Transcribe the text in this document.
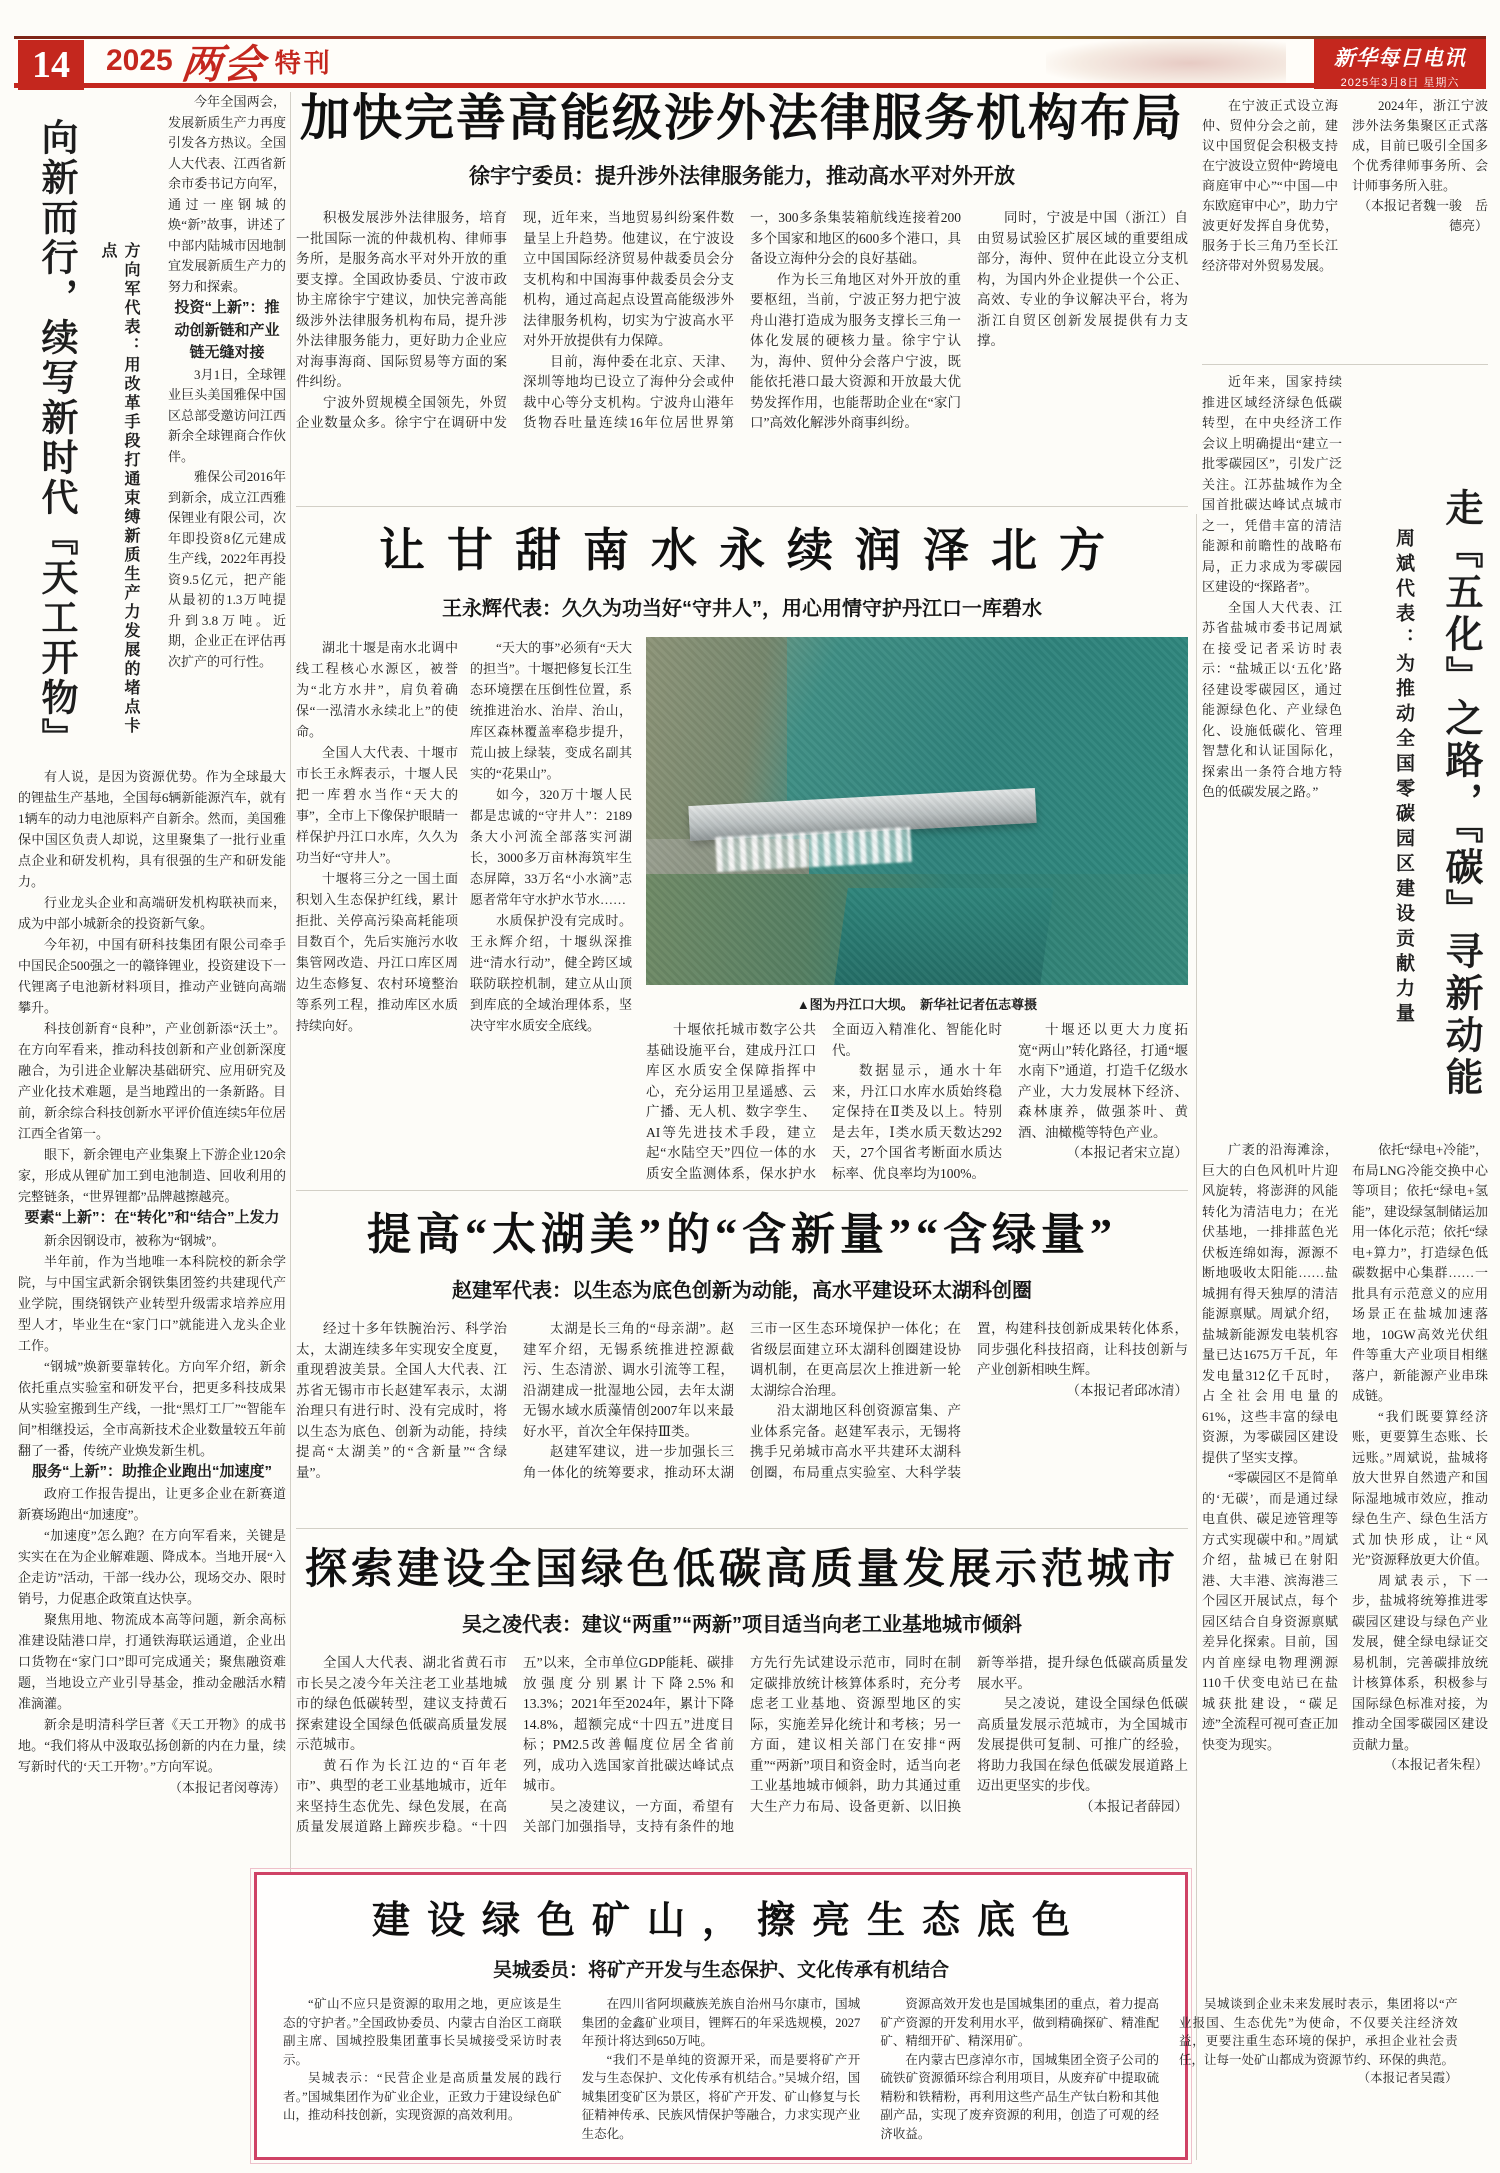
14	2025 两会 特刊	新华每日电讯
2025年3月8日 星期六
向新而行，续写新时代『天工开物』	方向军代表：用改革手段打通束缚新质生产力发展的堵点卡点

今年全国两会，发展新质生产力再度引发各方热议。全国人大代表、江西省新余市委书记方向军，通过一座钢城的焕“新”故事，讲述了中部内陆城市因地制宜发展新质生产力的努力和探索。

投资“上新”：推动创新链和产业链无缝对接

3月1日，全球锂业巨头美国雅保中国区总部受邀访问江西新余全球锂商合作伙伴。

雅保公司2016年到新余，成立江西雅保锂业有限公司，次年即投资8亿元建成生产线，2022年再投资9.5亿元，把产能从最初的1.3万吨提升到3.8万吨。近期，企业正在评估再次扩产的可行性。

有人说，是因为资源优势。作为全球最大的锂盐生产基地，全国每6辆新能源汽车，就有1辆车的动力电池原料产自新余。然而，美国雅保中国区负责人却说，这里聚集了一批行业重点企业和研发机构，具有很强的生产和研发能力。

行业龙头企业和高端研发机构联袂而来，成为中部小城新余的投资新气象。

今年初，中国有研科技集团有限公司牵手中国民企500强之一的赣锋锂业，投资建设下一代锂离子电池新材料项目，推动产业链向高端攀升。

科技创新育“良种”，产业创新添“沃土”。在方向军看来，推动科技创新和产业创新深度融合，为引进企业解决基础研究、应用研究及产业化技术难题，是当地蹚出的一条新路。目前，新余综合科技创新水平评价值连续5年位居江西全省第一。

眼下，新余锂电产业集聚上下游企业120余家，形成从锂矿加工到电池制造、回收利用的完整链条，“世界锂都”品牌越擦越亮。

要素“上新”：在“转化”和“结合”上发力

新余因钢设市，被称为“钢城”。

半年前，作为当地唯一本科院校的新余学院，与中国宝武新余钢铁集团签约共建现代产业学院，围绕钢铁产业转型升级需求培养应用型人才，毕业生在“家门口”就能进入龙头企业工作。

“钢城”焕新要靠转化。方向军介绍，新余依托重点实验室和研发平台，把更多科技成果从实验室搬到生产线，一批“黑灯工厂”“智能车间”相继投运，全市高新技术企业数量较五年前翻了一番，传统产业焕发新生机。

服务“上新”：助推企业跑出“加速度”

政府工作报告提出，让更多企业在新赛道新赛场跑出“加速度”。

“加速度”怎么跑？在方向军看来，关键是实实在在为企业解难题、降成本。当地开展“入企走访”活动，干部一线办公，现场交办、限时销号，力促惠企政策直达快享。

聚焦用地、物流成本高等问题，新余高标准建设陆港口岸，打通铁海联运通道，企业出口货物在“家门口”即可完成通关；聚焦融资难题，当地设立产业引导基金，推动金融活水精准滴灌。

新余是明清科学巨著《天工开物》的成书地。“我们将从中汲取弘扬创新的内在力量，续写新时代的‘天工开物’。”方向军说。

（本报记者闵尊涛）

加快完善高能级涉外法律服务机构布局
徐宇宁委员：提升涉外法律服务能力，推动高水平对外开放

积极发展涉外法律服务，培育一批国际一流的仲裁机构、律师事务所，是服务高水平对外开放的重要支撑。全国政协委员、宁波市政协主席徐宇宁建议，加快完善高能级涉外法律服务机构布局，提升涉外法律服务能力，更好助力企业应对海事海商、国际贸易等方面的案件纠纷。

宁波外贸规模全国领先，外贸企业数量众多。徐宇宁在调研中发现，近年来，当地贸易纠纷案件数量呈上升趋势。他建议，在宁波设立中国国际经济贸易仲裁委员会分支机构和中国海事仲裁委员会分支机构，通过高起点设置高能级涉外法律服务机构，切实为宁波高水平对外开放提供有力保障。

目前，海仲委在北京、天津、深圳等地均已设立了海仲分会或仲裁中心等分支机构。宁波舟山港年货物吞吐量连续16年位居世界第一，300多条集装箱航线连接着200多个国家和地区的600多个港口，具备设立海仲分会的良好基础。

作为长三角地区对外开放的重要枢纽，当前，宁波正努力把宁波舟山港打造成为服务支撑长三角一体化发展的硬核力量。徐宇宁认为，海仲、贸仲分会落户宁波，既能依托港口最大资源和开放最大优势发挥作用，也能帮助企业在“家门口”高效化解涉外商事纠纷。

同时，宁波是中国（浙江）自由贸易试验区扩展区域的重要组成部分，海仲、贸仲在此设立分支机构，为国内外企业提供一个公正、高效、专业的争议解决平台，将为浙江自贸区创新发展提供有力支撑。

在宁波正式设立海仲、贸仲分会之前，建议中国贸促会积极支持在宁波设立贸仲“跨境电商庭审中心”“中国—中东欧庭审中心”，助力宁波更好发挥自身优势，服务于长三角乃至长江经济带对外贸易发展。

2024年，浙江宁波涉外法务集聚区正式落成，目前已吸引全国多个优秀律师事务所、会计师事务所入驻。

（本报记者魏一骏　岳德亮）

让甘甜南水永续润泽北方
王永辉代表：久久为功当好“守井人”，用心用情守护丹江口一库碧水

湖北十堰是南水北调中线工程核心水源区，被誉为“北方水井”，肩负着确保“一泓清水永续北上”的使命。

全国人大代表、十堰市市长王永辉表示，十堰人民把一库碧水当作“天大的事”，全市上下像保护眼睛一样保护丹江口水库，久久为功当好“守井人”。

十堰将三分之一国土面积划入生态保护红线，累计拒批、关停高污染高耗能项目数百个，先后实施污水收集管网改造、丹江口库区周边生态修复、农村环境整治等系列工程，推动库区水质持续向好。

“天大的事”必须有“天大的担当”。十堰把修复长江生态环境摆在压倒性位置，系统推进治水、治岸、治山，库区森林覆盖率稳步提升，荒山披上绿装，变成名副其实的“花果山”。

如今，320万十堰人民都是忠诚的“守井人”：2189条大小河流全部落实河湖长，3000多万亩林海筑牢生态屏障，33万名“小水滴”志愿者常年守水护水节水……

水质保护没有完成时。王永辉介绍，十堰纵深推进“清水行动”，健全跨区域联防联控机制，建立从山顶到库底的全域治理体系，坚决守牢水质安全底线。

▲图为丹江口大坝。　新华社记者伍志尊摄

十堰依托城市数字公共基础设施平台，建成丹江口库区水质安全保障指挥中心，充分运用卫星遥感、云广播、无人机、数字孪生、AI等先进技术手段，建立起“水陆空天”四位一体的水质安全监测体系，保水护水全面迈入精准化、智能化时代。

数据显示，通水十年来，丹江口水库水质始终稳定保持在Ⅱ类及以上。特别是去年，Ⅰ类水质天数达292天，27个国省考断面水质达标率、优良率均为100%。

十堰还以更大力度拓宽“两山”转化路径，打通“堰水南下”通道，打造千亿级水产业，大力发展林下经济、森林康养，做强茶叶、黄酒、油橄榄等特色产业。

（本报记者宋立崑）

提高“太湖美”的“含新量”“含绿量”
赵建军代表：以生态为底色创新为动能，高水平建设环太湖科创圈

经过十多年铁腕治污、科学治太，太湖连续多年实现安全度夏，重现碧波美景。全国人大代表、江苏省无锡市市长赵建军表示，太湖治理只有进行时、没有完成时，将以生态为底色、创新为动能，持续提高“太湖美”的“含新量”“含绿量”。

太湖是长三角的“母亲湖”。赵建军介绍，无锡系统推进控源截污、生态清淤、调水引流等工程，沿湖建成一批湿地公园，去年太湖无锡水域水质藻情创2007年以来最好水平，首次全年保持Ⅲ类。

赵建军建议，进一步加强长三角一体化的统筹要求，推动环太湖三市一区生态环境保护一体化；在省级层面建立环太湖科创圈建设协调机制，在更高层次上推进新一轮太湖综合治理。

沿太湖地区科创资源富集、产业体系完备。赵建军表示，无锡将携手兄弟城市高水平共建环太湖科创圈，布局重点实验室、大科学装置，构建科技创新成果转化体系，同步强化科技招商，让科技创新与产业创新相映生辉。

（本报记者邱冰清）

探索建设全国绿色低碳高质量发展示范城市
吴之凌代表：建议“两重”“两新”项目适当向老工业基地城市倾斜

全国人大代表、湖北省黄石市市长吴之凌今年关注老工业基地城市的绿色低碳转型，建议支持黄石探索建设全国绿色低碳高质量发展示范城市。

黄石作为长江边的“百年老市”、典型的老工业基地城市，近年来坚持生态优先、绿色发展，在高质量发展道路上蹄疾步稳。“十四五”以来，全市单位GDP能耗、碳排放强度分别累计下降2.5%和13.3%；2021年至2024年，累计下降14.8%，超额完成“十四五”进度目标；PM2.5改善幅度位居全省前列，成功入选国家首批碳达峰试点城市。

吴之凌建议，一方面，希望有关部门加强指导，支持有条件的地方先行先试建设示范市，同时在制定碳排放统计核算体系时，充分考虑老工业基地、资源型地区的实际，实施差异化统计和考核；另一方面，建议相关部门在安排“两重”“两新”项目和资金时，适当向老工业基地城市倾斜，助力其通过重大生产力布局、设备更新、以旧换新等举措，提升绿色低碳高质量发展水平。

吴之凌说，建设全国绿色低碳高质量发展示范城市，为全国城市发展提供可复制、可推广的经验，将助力我国在绿色低碳发展道路上迈出更坚实的步伐。

（本报记者薛园）

建设绿色矿山，擦亮生态底色
吴城委员：将矿产开发与生态保护、文化传承有机结合

“矿山不应只是资源的取用之地，更应该是生态的守护者。”全国政协委员、内蒙古自治区工商联副主席、国城控股集团董事长吴城接受采访时表示。

吴城表示：“民营企业是高质量发展的践行者。”国城集团作为矿业企业，正致力于建设绿色矿山，推动科技创新，实现资源的高效利用。

在四川省阿坝藏族羌族自治州马尔康市，国城集团的金鑫矿业项目，锂辉石的年采选规模，2027年预计将达到650万吨。

“我们不是单纯的资源开采，而是要将矿产开发与生态保护、文化传承有机结合。”吴城介绍，国城集团变矿区为景区，将矿产开发、矿山修复与长征精神传承、民族风情保护等融合，力求实现产业生态化。

资源高效开发也是国城集团的重点，着力提高矿产资源的开发利用水平，做到精确探矿、精准配矿、精细开矿、精深用矿。

在内蒙古巴彦淖尔市，国城集团全资子公司的硫铁矿资源循环综合利用项目，从废弃矿中提取硫精粉和铁精粉，再利用这些产品生产钛白粉和其他副产品，实现了废弃资源的利用，创造了可观的经济收益。

吴城谈到企业未来发展时表示，集团将以“产业报国、生态优先”为使命，不仅要关注经济效益，更要注重生态环境的保护，承担企业社会责任，让每一处矿山都成为资源节约、环保的典范。

（本报记者吴霞）

近年来，国家持续推进区域经济绿色低碳转型，在中央经济工作会议上明确提出“建立一批零碳园区”，引发广泛关注。江苏盐城作为全国首批碳达峰试点城市之一，凭借丰富的清洁能源和前瞻性的战略布局，正力求成为零碳园区建设的“探路者”。

全国人大代表、江苏省盐城市委书记周斌在接受记者采访时表示：“盐城正以‘五化’路径建设零碳园区，通过能源绿色化、产业绿色化、设施低碳化、管理智慧化和认证国际化，探索出一条符合地方特色的低碳发展之路。”	周斌代表：为推动全国零碳园区建设贡献力量 走『五化』之路，『碳』寻新动能

广袤的沿海滩涂，巨大的白色风机叶片迎风旋转，将澎湃的风能转化为清洁电力；在光伏基地，一排排蓝色光伏板连绵如海，源源不断地吸收太阳能……盐城拥有得天独厚的清洁能源禀赋。周斌介绍，盐城新能源发电装机容量已达1675万千瓦，年发电量312亿千瓦时，占全社会用电量的61%，这些丰富的绿电资源，为零碳园区建设提供了坚实支撑。

“零碳园区不是简单的‘无碳’，而是通过绿电直供、碳足迹管理等方式实现碳中和。”周斌介绍，盐城已在射阳港、大丰港、滨海港三个园区开展试点，每个园区结合自身资源禀赋差异化探索。目前，国内首座绿电物理溯源110千伏变电站已在盐城获批建设，“碳足迹”全流程可视可查正加快变为现实。

依托“绿电+冷能”，布局LNG冷能交换中心等项目；依托“绿电+氢能”，建设绿氢制储运加用一体化示范；依托“绿电+算力”，打造绿色低碳数据中心集群……一批具有示范意义的应用场景正在盐城加速落地，10GW高效光伏组件等重大产业项目相继落户，新能源产业串珠成链。

“我们既要算经济账，更要算生态账、长远账。”周斌说，盐城将放大世界自然遗产和国际湿地城市效应，推动绿色生产、绿色生活方式加快形成，让“风光”资源释放更大价值。

周斌表示，下一步，盐城将统筹推进零碳园区建设与绿色产业发展，健全绿电绿证交易机制，完善碳排放统计核算体系，积极参与国际绿色标准对接，为推动全国零碳园区建设贡献力量。

（本报记者朱程）
